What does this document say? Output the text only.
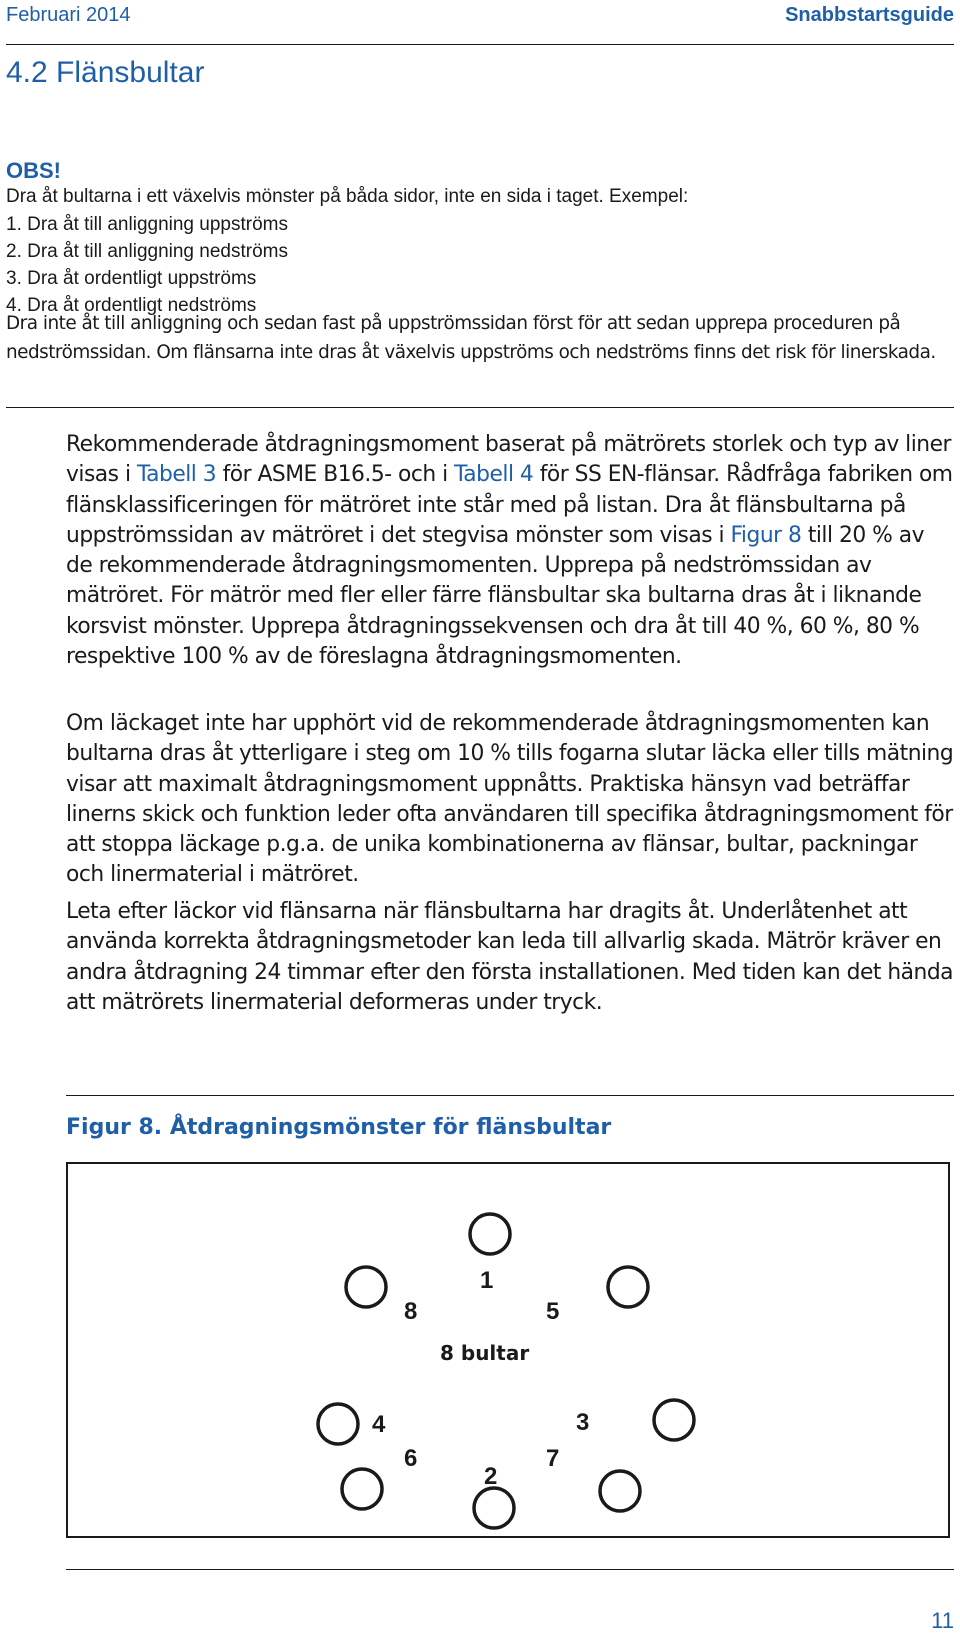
Februari 2014	Snabbstartsguide
4.2 Flänsbultar
OBS!
Dra åt bultarna i ett växelvis mönster på båda sidor, inte en sida i taget. Exempel:
1. Dra åt till anliggning uppströms
2. Dra åt till anliggning nedströms
3. Dra åt ordentligt uppströms
4. Dra åt ordentligt nedströms
Dra inte åt till anliggning och sedan fast på uppströmssidan först för att sedan upprepa proceduren på nedströmssidan. Om flänsarna inte dras åt växelvis uppströms och nedströms finns det risk för linerskada.
Rekommenderade åtdragningsmoment baserat på mätrörets storlek och typ av liner visas i Tabell 3 för ASME B16.5- och i Tabell 4 för SS EN-flänsar. Rådfråga fabriken om flänsklassificeringen för mätröret inte står med på listan. Dra åt flänsbultarna på uppströmssidan av mätröret i det stegvisa mönster som visas i Figur 8 till 20 % av de rekommenderade åtdragningsmomenten. Upprepa på nedströmssidan av mätröret. För mätrör med fler eller färre flänsbultar ska bultarna dras åt i liknande korsvist mönster. Upprepa åtdragningssekvensen och dra åt till 40 %, 60 %, 80 % respektive 100 % av de föreslagna åtdragningsmomenten.
Om läckaget inte har upphört vid de rekommenderade åtdragningsmomenten kan bultarna dras åt ytterligare i steg om 10 % tills fogarna slutar läcka eller tills mätning visar att maximalt åtdragningsmoment uppnåtts. Praktiska hänsyn vad beträffar linerns skick och funktion leder ofta användaren till specifika åtdragningsmoment för att stoppa läckage p.g.a. de unika kombinationerna av flänsar, bultar, packningar och linermaterial i mätröret.
Leta efter läckor vid flänsarna när flänsbultarna har dragits åt. Underlåtenhet att använda korrekta åtdragningsmetoder kan leda till allvarlig skada. Mätrör kräver en andra åtdragning 24 timmar efter den första installationen. Med tiden kan det hända att mätrörets linermaterial deformeras under tryck.
Figur 8. Åtdragningsmönster för flänsbultar
1
5
3
7
2
6
4
8
8 bultar
11
